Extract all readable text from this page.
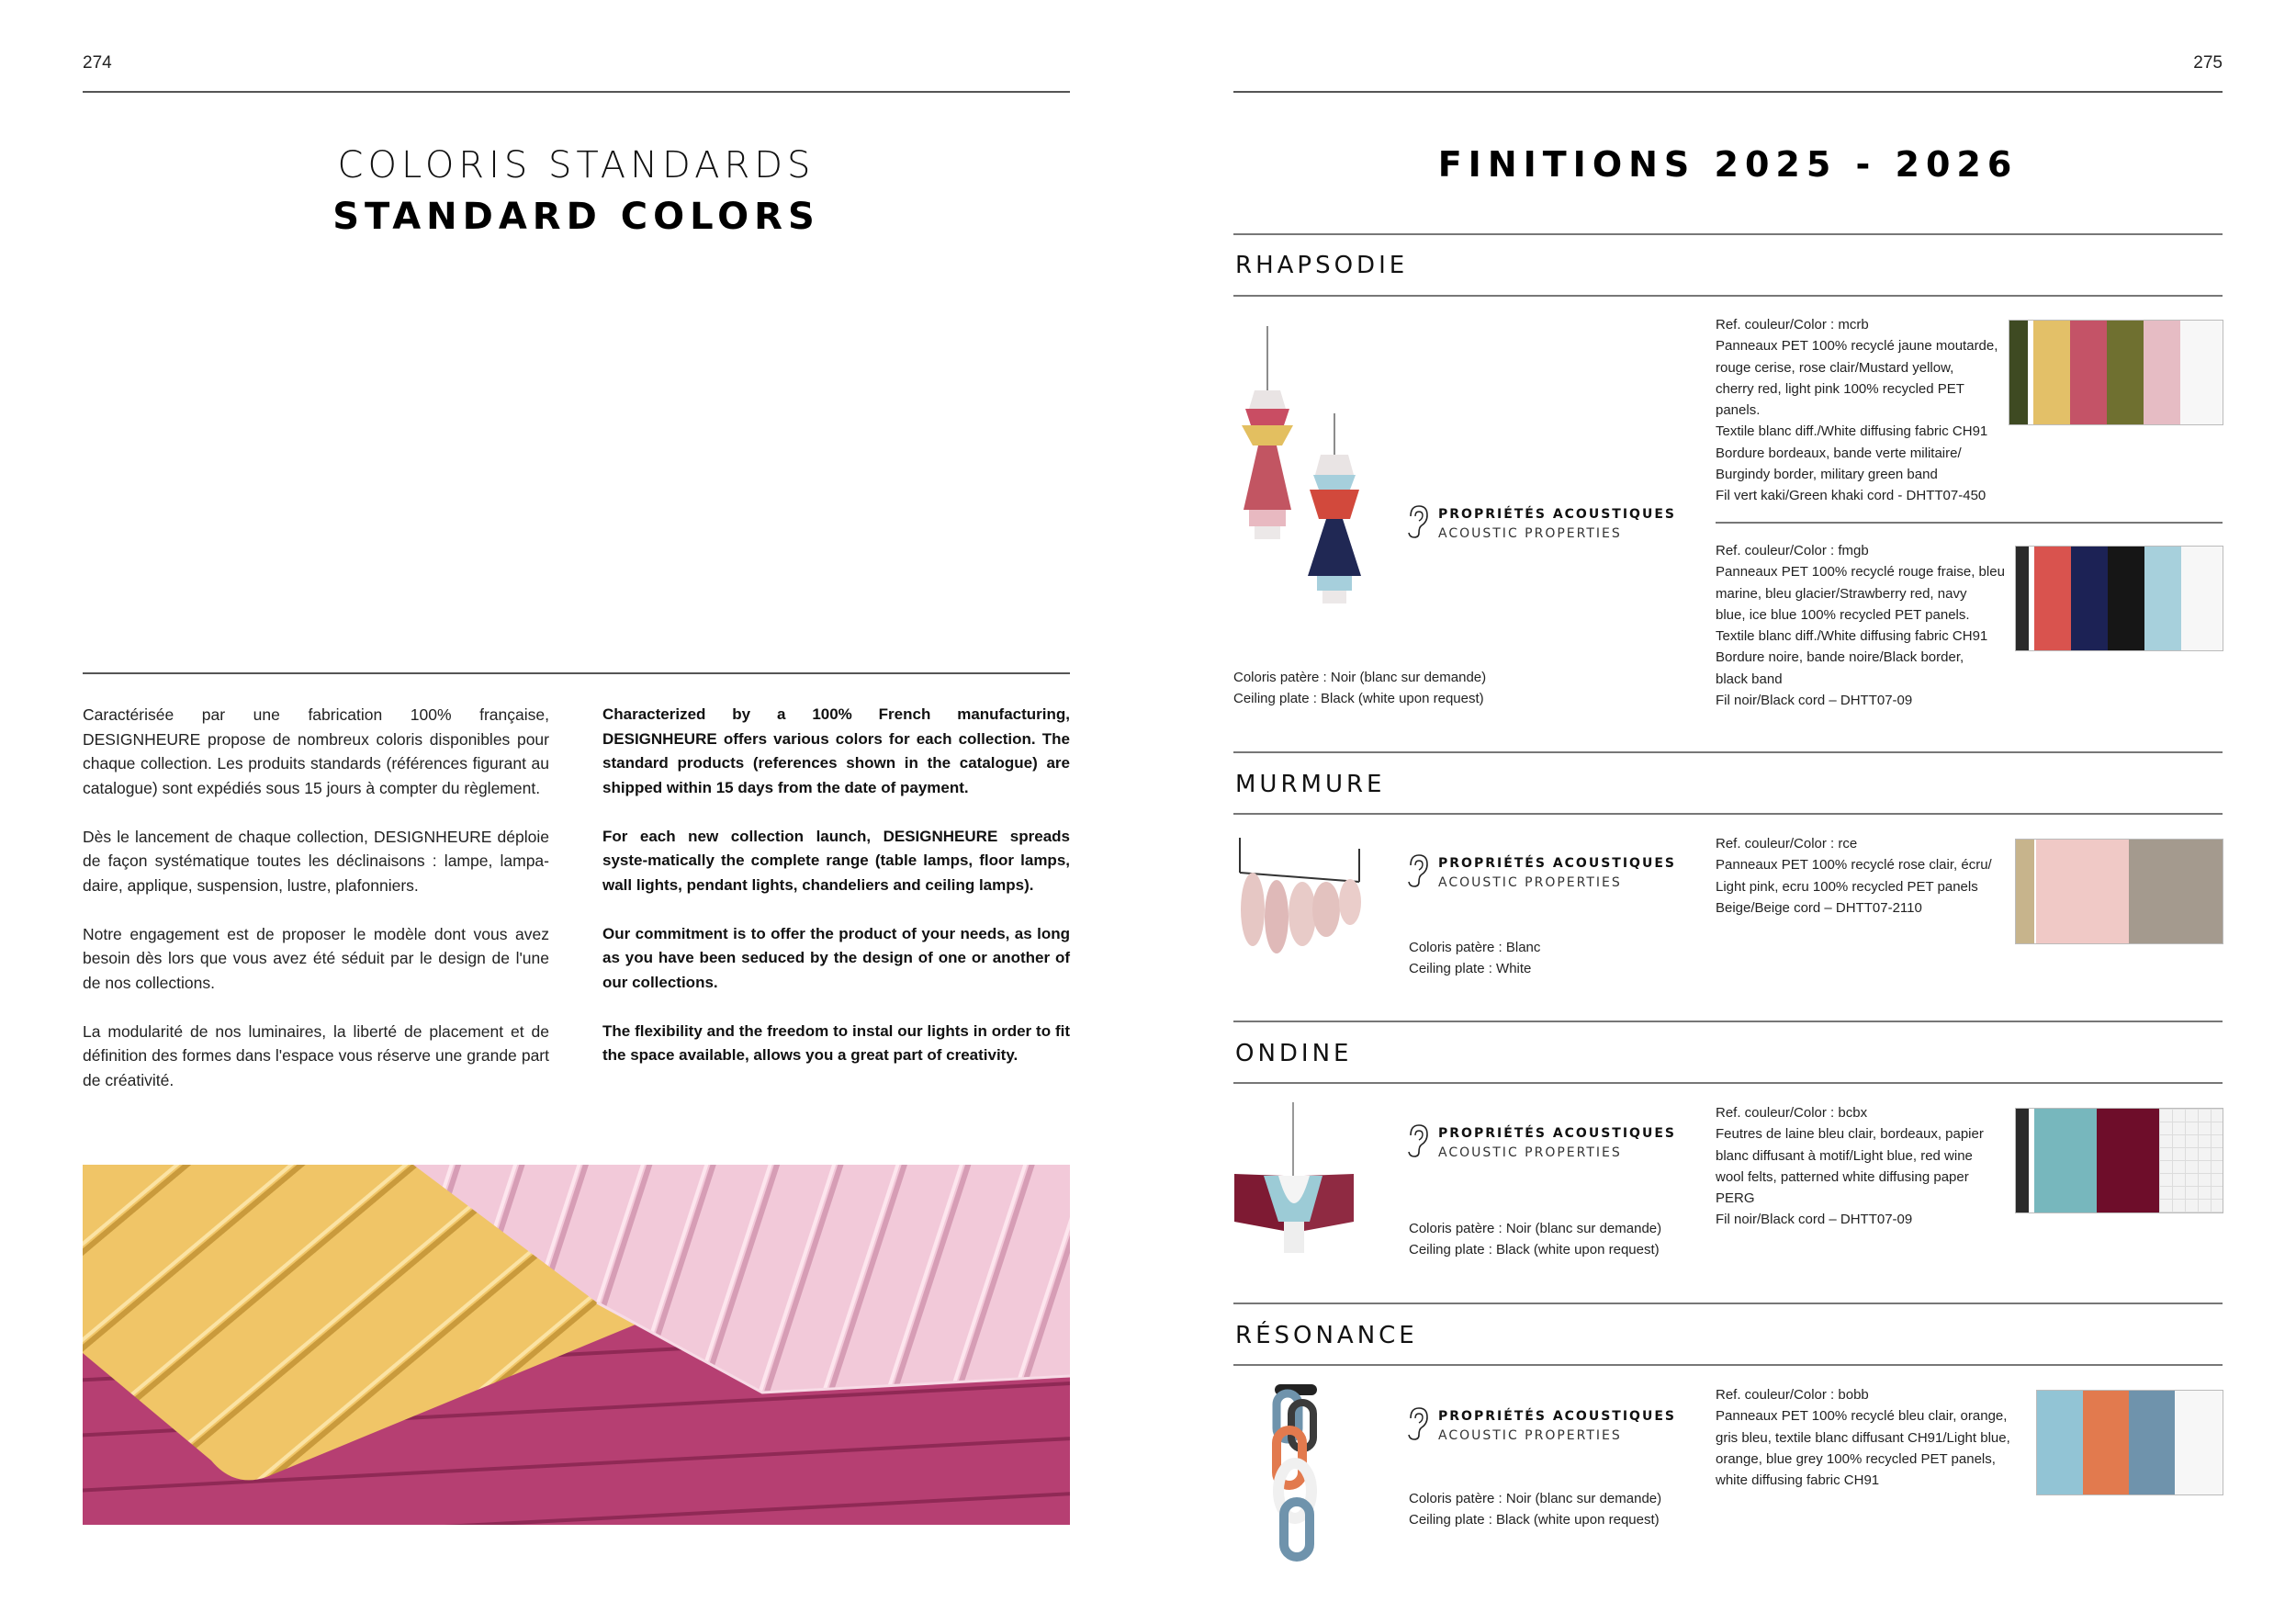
274
COLORIS STANDARDS
STANDARD COLORS

Caractérisée par une fabrication 100% française, DESIGNHEURE propose de nombreux coloris disponibles pour chaque collection. Les produits standards (références figurant au catalogue) sont expédiés sous 15 jours à compter du règlement.

Dès le lancement de chaque collection, DESIGNHEURE déploie de façon systématique toutes les déclinaisons : lampe, lampa-daire, applique, suspension, lustre, plafonniers.

Notre engagement est de proposer le modèle dont vous avez besoin dès lors que vous avez été séduit par le design de l'une de nos collections.

La modularité de nos luminaires, la liberté de placement et de définition des formes dans l'espace vous réserve une grande part de créativité.

Characterized by a 100% French manufacturing, DESIGNHEURE offers various colors for each collection. The standard products (references shown in the catalogue) are shipped within 15 days from the date of payment.

For each new collection launch, DESIGNHEURE spreads syste-matically the complete range (table lamps, floor lamps, wall lights, pendant lights, chandeliers and ceiling lamps).

Our commitment is to offer the product of your needs, as long as you have been seduced by the design of one or another of our collections.

The flexibility and the freedom to instal our lights in order to fit the space available, allows you a great part of creativity.

275
FINITIONS 2025 - 2026
RHAPSODIE
PROPRIÉTÉS ACOUSTIQUES
ACOUSTIC PROPERTIES
Coloris patère : Noir (blanc sur demande)
Ceiling plate : Black (white upon request)
Ref. couleur/Color : mcrb
Panneaux PET 100% recyclé jaune moutarde,
rouge cerise, rose clair/Mustard yellow,
cherry red, light pink 100% recycled PET
panels.
Textile blanc diff./White diffusing fabric CH91
Bordure bordeaux, bande verte militaire/
Burgindy border, military green band
Fil vert kaki/Green khaki cord - DHTT07-450
Ref. couleur/Color : fmgb
Panneaux PET 100% recyclé rouge fraise, bleu
marine, bleu glacier/Strawberry red, navy
blue, ice blue 100% recycled PET panels.
Textile blanc diff./White diffusing fabric CH91
Bordure noire, bande noire/Black border,
black band
Fil noir/Black cord – DHTT07-09
MURMURE
PROPRIÉTÉS ACOUSTIQUES
ACOUSTIC PROPERTIES
Coloris patère : Blanc
Ceiling plate : White
Ref. couleur/Color : rce
Panneaux PET 100% recyclé rose clair, écru/
Light pink, ecru 100% recycled PET panels
Beige/Beige cord – DHTT07-2110
ONDINE
PROPRIÉTÉS ACOUSTIQUES
ACOUSTIC PROPERTIES
Coloris patère : Noir (blanc sur demande)
Ceiling plate : Black (white upon request)
Ref. couleur/Color : bcbx
Feutres de laine bleu clair, bordeaux, papier
blanc diffusant à motif/Light blue, red wine
wool felts, patterned white diffusing paper
PERG
Fil noir/Black cord – DHTT07-09
RÉSONANCE
PROPRIÉTÉS ACOUSTIQUES
ACOUSTIC PROPERTIES
Coloris patère : Noir (blanc sur demande)
Ceiling plate : Black (white upon request)
Ref. couleur/Color : bobb
Panneaux PET 100% recyclé bleu clair, orange,
gris bleu, textile blanc diffusant CH91/Light blue,
orange, blue grey 100% recycled PET panels,
white diffusing fabric CH91
